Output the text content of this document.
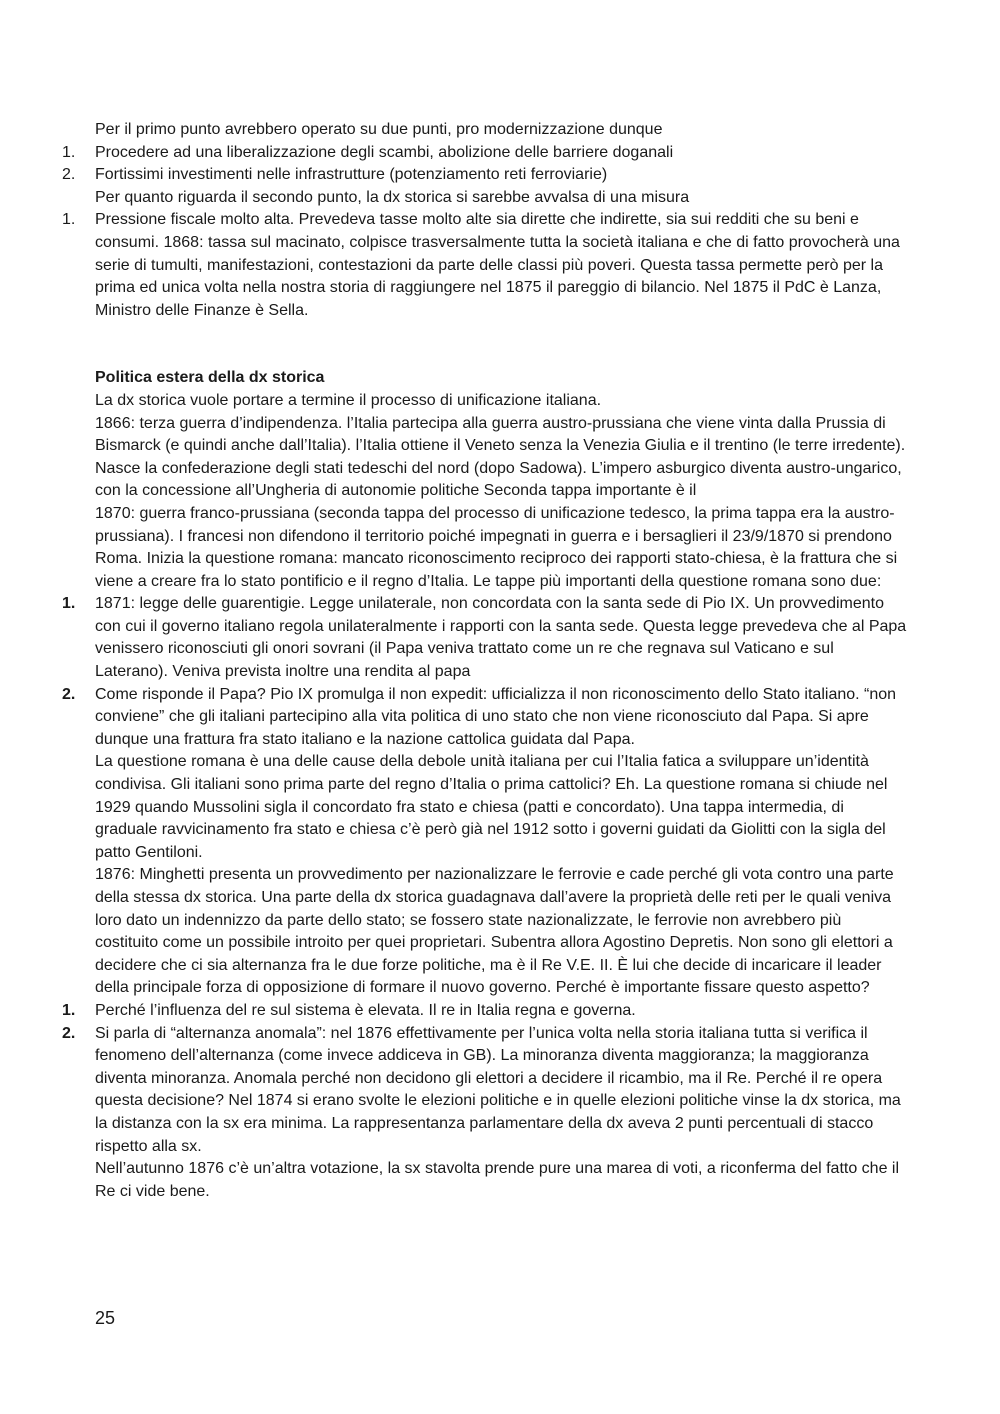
Per il primo punto avrebbero operato su due punti, pro modernizzazione dunque

1. Procedere ad una liberalizzazione degli scambi, abolizione delle barriere doganali
2. Fortissimi investimenti nelle infrastrutture (potenziamento reti ferroviarie)

Per quanto riguarda il secondo punto, la dx storica si sarebbe avvalsa di una misura

1. Pressione fiscale molto alta. Prevedeva tasse molto alte sia dirette che indirette, sia sui redditi che su beni e consumi. 1868: tassa sul macinato, colpisce trasversalmente tutta la società italiana e che di fatto provocherà una serie di tumulti, manifestazioni, contestazioni da parte delle classi più poveri. Questa tassa permette però per la prima ed unica volta nella nostra storia di raggiungere nel 1875 il pareggio di bilancio. Nel 1875 il PdC è Lanza, Ministro delle Finanze è Sella.

Politica estera della dx storica

La dx storica vuole portare a termine il processo di unificazione italiana.

1866: terza guerra d’indipendenza. l’Italia partecipa alla guerra austro-prussiana che viene vinta dalla Prussia di Bismarck (e quindi anche dall’Italia). l’Italia ottiene il Veneto senza la Venezia Giulia e il trentino (le terre irredente). Nasce la confederazione degli stati tedeschi del nord (dopo Sadowa). L’impero asburgico diventa austro-ungarico, con la concessione all’Ungheria di autonomie politiche Seconda tappa importante è il

1870: guerra franco-prussiana (seconda tappa del processo di unificazione tedesco, la prima tappa era la austro-prussiana). I francesi non difendono il territorio poiché impegnati in guerra e i bersaglieri il 23/9/1870 si prendono Roma. Inizia la questione romana: mancato riconoscimento reciproco dei rapporti stato-chiesa, è la frattura che si viene a creare fra lo stato pontificio e il regno d’Italia. Le tappe più importanti della questione romana sono due:

1. 1871: legge delle guarentigie. Legge unilaterale, non concordata con la santa sede di Pio IX. Un provvedimento con cui il governo italiano regola unilateralmente i rapporti con la santa sede. Questa legge prevedeva che al Papa venissero riconosciuti gli onori sovrani (il Papa veniva trattato come un re che regnava sul Vaticano e sul Laterano). Veniva prevista inoltre una rendita al papa
2. Come risponde il Papa? Pio IX promulga il non expedit: ufficializza il non riconoscimento dello Stato italiano. “non conviene” che gli italiani partecipino alla vita politica di uno stato che non viene riconosciuto dal Papa. Si apre dunque una frattura fra stato italiano e la nazione cattolica guidata dal Papa.

La questione romana è una delle cause della debole unità italiana per cui l’Italia fatica a sviluppare un’identità condivisa. Gli italiani sono prima parte del regno d’Italia o prima cattolici? Eh. La questione romana si chiude nel 1929 quando Mussolini sigla il concordato fra stato e chiesa (patti e concordato). Una tappa intermedia, di graduale ravvicinamento fra stato e chiesa c’è però già nel 1912 sotto i governi guidati da Giolitti con la sigla del patto Gentiloni.

1876: Minghetti presenta un provvedimento per nazionalizzare le ferrovie e cade perché gli vota contro una parte della stessa dx storica. Una parte della dx storica guadagnava dall’avere la proprietà delle reti per le quali veniva loro dato un indennizzo da parte dello stato; se fossero state nazionalizzate, le ferrovie non avrebbero più costituito come un possibile introito per quei proprietari. Subentra allora Agostino Depretis. Non sono gli elettori a decidere che ci sia alternanza fra le due forze politiche, ma è il Re V.E. II. È lui che decide di incaricare il leader della principale forza di opposizione di formare il nuovo governo. Perché è importante fissare questo aspetto?

1. Perché l’influenza del re sul sistema è elevata. Il re in Italia regna e governa.
2. Si parla di “alternanza anomala”: nel 1876 effettivamente per l’unica volta nella storia italiana tutta si verifica il fenomeno dell’alternanza (come invece addiceva in GB). La minoranza diventa maggioranza; la maggioranza diventa minoranza. Anomala perché non decidono gli elettori a decidere il ricambio, ma il Re. Perché il re opera questa decisione? Nel 1874 si erano svolte le elezioni politiche e in quelle elezioni politiche vinse la dx storica, ma la distanza con la sx era minima. La rappresentanza parlamentare della dx aveva 2 punti percentuali di stacco rispetto alla sx.

Nell’autunno 1876 c’è un’altra votazione, la sx stavolta prende pure una marea di voti, a riconferma del fatto che il Re ci vide bene.

25
